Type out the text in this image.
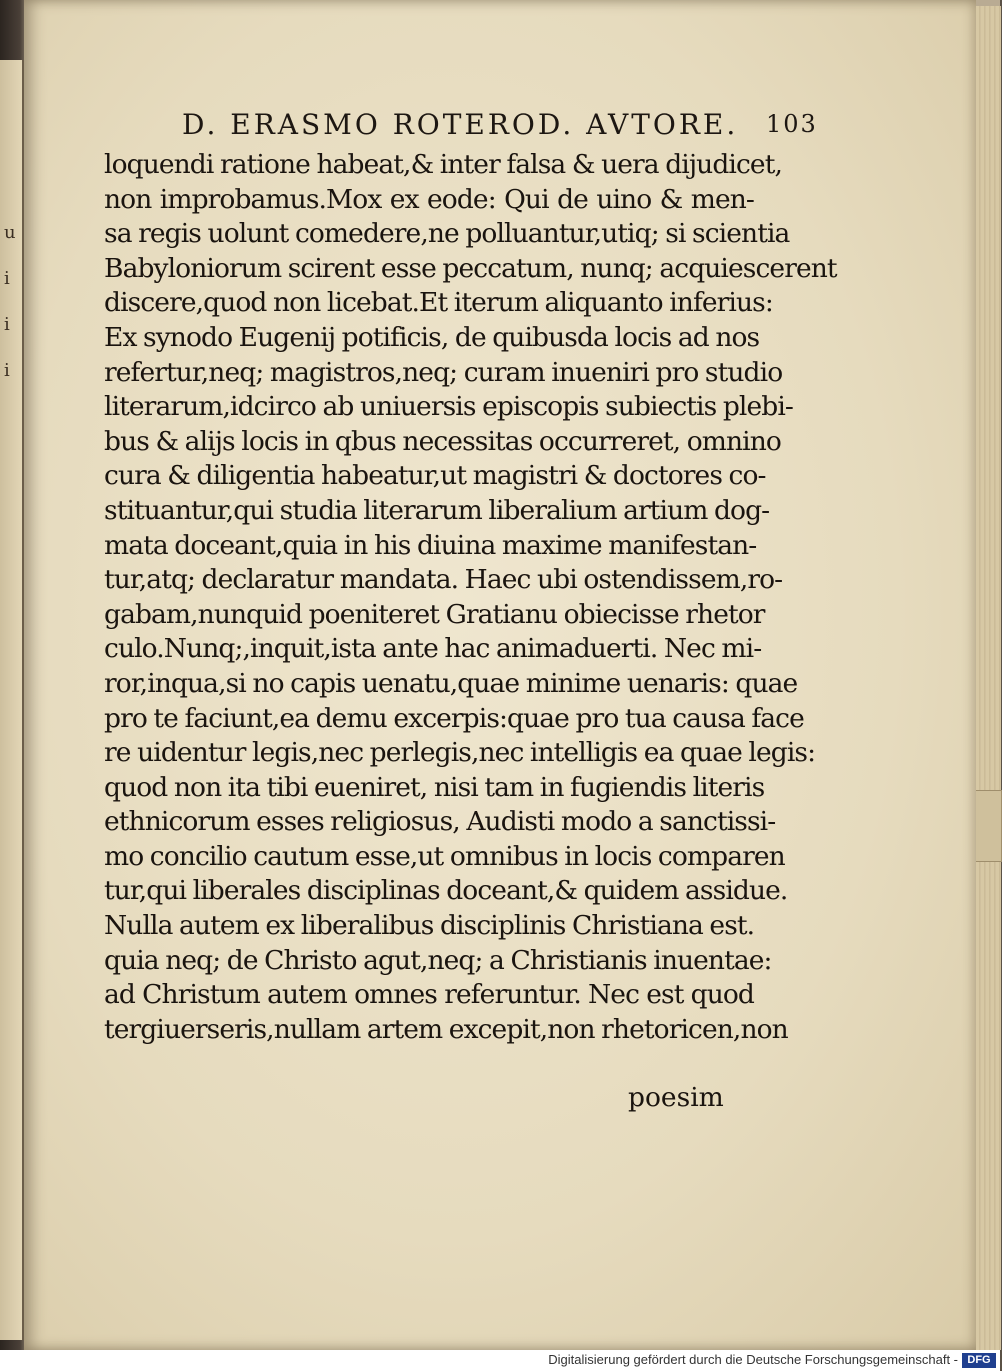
u
i
i
i
D. ERASMO ROTEROD. AVTORE. 103
loquendi ratione habeat,& inter falsa & uera dijudicet,
non improbamus.Mox ex eode: Qui de uino & men-
sa regis uolunt comedere,ne polluantur,utiq; si scientia
Babyloniorum scirent esse peccatum, nunq; acquiescerent
discere,quod non licebat.Et iterum aliquanto inferius:
Ex synodo Eugenij potificis, de quibusda locis ad nos
refertur,neq; magistros,neq; curam inueniri pro studio
literarum,idcirco ab uniuersis episcopis subiectis plebi-
bus & alijs locis in qbus necessitas occurreret, omnino
cura & diligentia habeatur,ut magistri & doctores co-
stituantur,qui studia literarum liberalium artium dog-
mata doceant,quia in his diuina maxime manifestan-
tur,atq; declaratur mandata. Haec ubi ostendissem,ro-
gabam,nunquid poeniteret Gratianu obiecisse rhetor
culo.Nunq;,inquit,ista ante hac animaduerti. Nec mi-
ror,inqua,si no capis uenatu,quae minime uenaris: quae
pro te faciunt,ea demu excerpis:quae pro tua causa face
re uidentur legis,nec perlegis,nec intelligis ea quae legis:
quod non ita tibi eueniret, nisi tam in fugiendis literis
ethnicorum esses religiosus, Audisti modo a sanctissi-
mo concilio cautum esse,ut omnibus in locis comparen
tur,qui liberales disciplinas doceant,& quidem assidue.
Nulla autem ex liberalibus disciplinis Christiana est.
quia neq; de Christo agut,neq; a Christianis inuentae:
ad Christum autem omnes referuntur. Nec est quod
tergiuerseris,nullam artem excepit,non rhetoricen,non
poesim
Digitalisierung gefördert durch die Deutsche Forschungsgemeinschaft - DFG
